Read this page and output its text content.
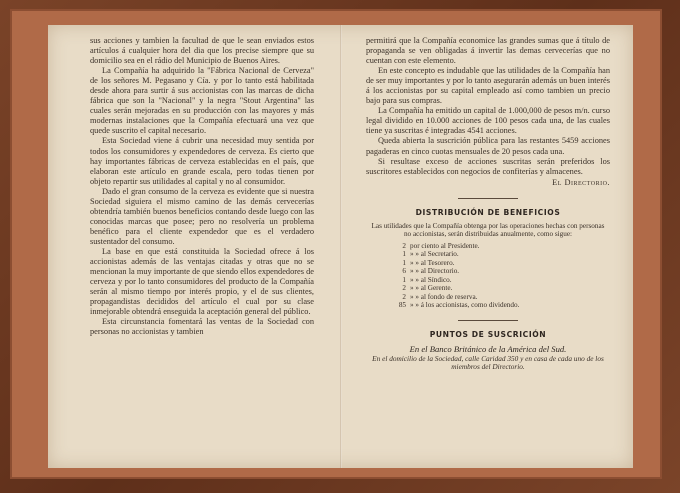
sus acciones y tambien la facultad de que le sean enviados estos artículos á cualquier hora del dia que los precise siempre que su domicilio sea en el rádio del Municipio de Buenos Aires.

La Compañía ha adquirido la "Fábrica Nacional de Cerveza" de los señores M. Pegasano y Cía. y por lo tanto está habilitada desde ahora para surtir á sus accionistas con las marcas de dicha fábrica que son la "Nacional" y la negra "Stout Argentina" las cuales serán mejoradas en su producción con las mayores y más modernas instalaciones que la Compañía efectuará una vez que quede suscrito el capital necesario.

Esta Sociedad viene á cubrir una necesidad muy sentida por todos los consumidores y expendedores de cerveza. Es cierto que hay importantes fábricas de cerveza establecidas en el país, que elaboran este artículo en grande escala, pero todas tienen por objeto repartir sus utilidades al capital y no al consumidor.

Dado el gran consumo de la cerveza es evidente que si nuestra Sociedad siguiera el mismo camino de las demás cervecerías obtendría también buenos beneficios contando desde luego con las conocidas marcas que posee; pero no resolvería un problema benéfico para el cliente expendedor que es el verdadero sustentador del consumo.

La base en que está constituida la Sociedad ofrece á los accionistas además de las ventajas citadas y otras que no se mencionan la muy importante de que siendo ellos expendedores de cerveza y por lo tanto consumidores del producto de la Compañía serán al mismo tiempo por interés propio, y el de sus clientes, propagandistas decididos del artículo el cual por su clase inmejorable obtendrá enseguida la aceptación general del público.

Esta circunstancia fomentará las ventas de la Sociedad con personas no accionistas y tambien

permitirá que la Compañía economice las grandes sumas que á título de propaganda se ven obligadas á invertir las demas cervecerías que no cuentan con este elemento.

En este concepto es indudable que las utilidades de la Compañía han de ser muy importantes y por lo tanto asegurarán además un buen interés á los accionistas por su capital empleado así como tambien un precio bajo para sus compras.

La Compañía ha emitido un capital de 1.000,000 de pesos m/n. curso legal dividido en 10.000 acciones de 100 pesos cada una, de las cuales tiene ya suscritas é integradas 4541 acciones.

Queda abierta la suscrición pública para las restantes 5459 acciones pagaderas en cinco cuotas mensuales de 20 pesos cada una.

Si resultase exceso de acciones suscritas serán preferidos los suscritores establecidos con negocios de confiterías y almacenes.

El Directorio.

DISTRIBUCIÓN DE BENEFICIOS

Las utilidades que la Compañía obtenga por las operaciones hechas con personas no accionistas, serán distribuidas anualmente, como sigue:

2 por ciento al Presidente.
1 » » al Secretario.
1 » » al Tesorero.
6 » » al Directorio.
1 » » al Síndico.
2 » » al Gerente.
2 » » al fondo de reserva.
85 » » á los accionistas, como dividendo.

PUNTOS DE SUSCRICIÓN

En el Banco Británico de la América del Sud.

En el domicilio de la Sociedad, calle Caridad 350 y en casa de cada uno de los miembros del Directorio.
